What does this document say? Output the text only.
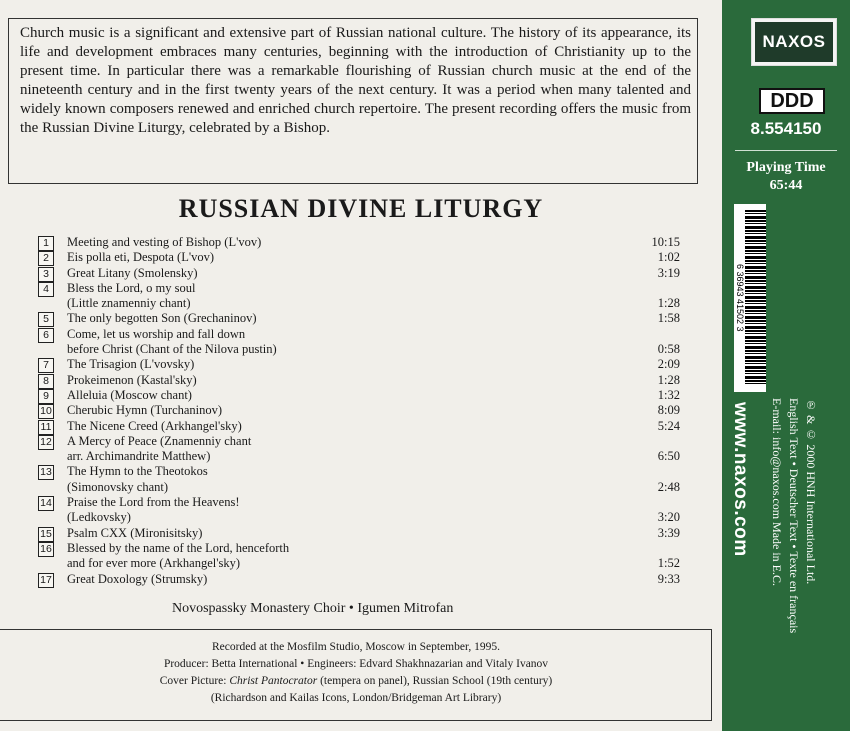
Church music is a significant and extensive part of Russian national culture. The history of its appearance, its life and development embraces many centuries, beginning with the introduction of Christianity up to the present time. In particular there was a remarkable flourishing of Russian church music at the end of the nineteenth century and in the first twenty years of the next century. It was a period when many talented and widely known composers renewed and enriched church repertoire. The present recording offers the music from the Russian Divine Liturgy, celebrated by a Bishop.

RUSSIAN DIVINE LITURGY
1	Meeting and vesting of Bishop (L'vov)	10:15
2	Eis polla eti, Despota (L'vov)	1:02
3	Great Litany (Smolensky)	3:19
4	Bless the Lord, o my soul
(Little znamenniy chant)	1:28
5	The only begotten Son (Grechaninov)	1:58
6	Come, let us worship and fall down
before Christ (Chant of the Nilova pustin)	0:58
7	The Trisagion (L'vovsky)	2:09
8	Prokeimenon (Kastal'sky)	1:28
9	Alleluia (Moscow chant)	1:32
10	Cherubic Hymn (Turchaninov)	8:09
11	The Nicene Creed (Arkhangel'sky)	5:24
12	A Mercy of Peace (Znamenniy chant
arr. Archimandrite Matthew)	6:50
13	The Hymn to the Theotokos
(Simonovsky chant)	2:48
14	Praise the Lord from the Heavens!
(Ledkovsky)	3:20
15	Psalm CXX (Mironisitsky)	3:39
16	Blessed by the name of the Lord, henceforth
and for ever more (Arkhangel'sky)	1:52
17	Great Doxology (Strumsky)	9:33

Novospassky Monastery Choir • Igumen Mitrofan

Recorded at the Mosfilm Studio, Moscow in September, 1995.
Producer: Betta International • Engineers: Edvard Shakhnazarian and Vitaly Ivanov
Cover Picture: Christ Pantocrator (tempera on panel), Russian School (19th century)
(Richardson and Kailas Icons, London/Bridgeman Art Library)
NAXOS
DDD
8.554150
Playing Time
65:44
6 36943 41502 3
www.naxos.com	℗ & © 2000 HNH International Ltd.
English Text • Deutscher Text • Texte en français
E-mail: info@naxos.com Made in E.C.
